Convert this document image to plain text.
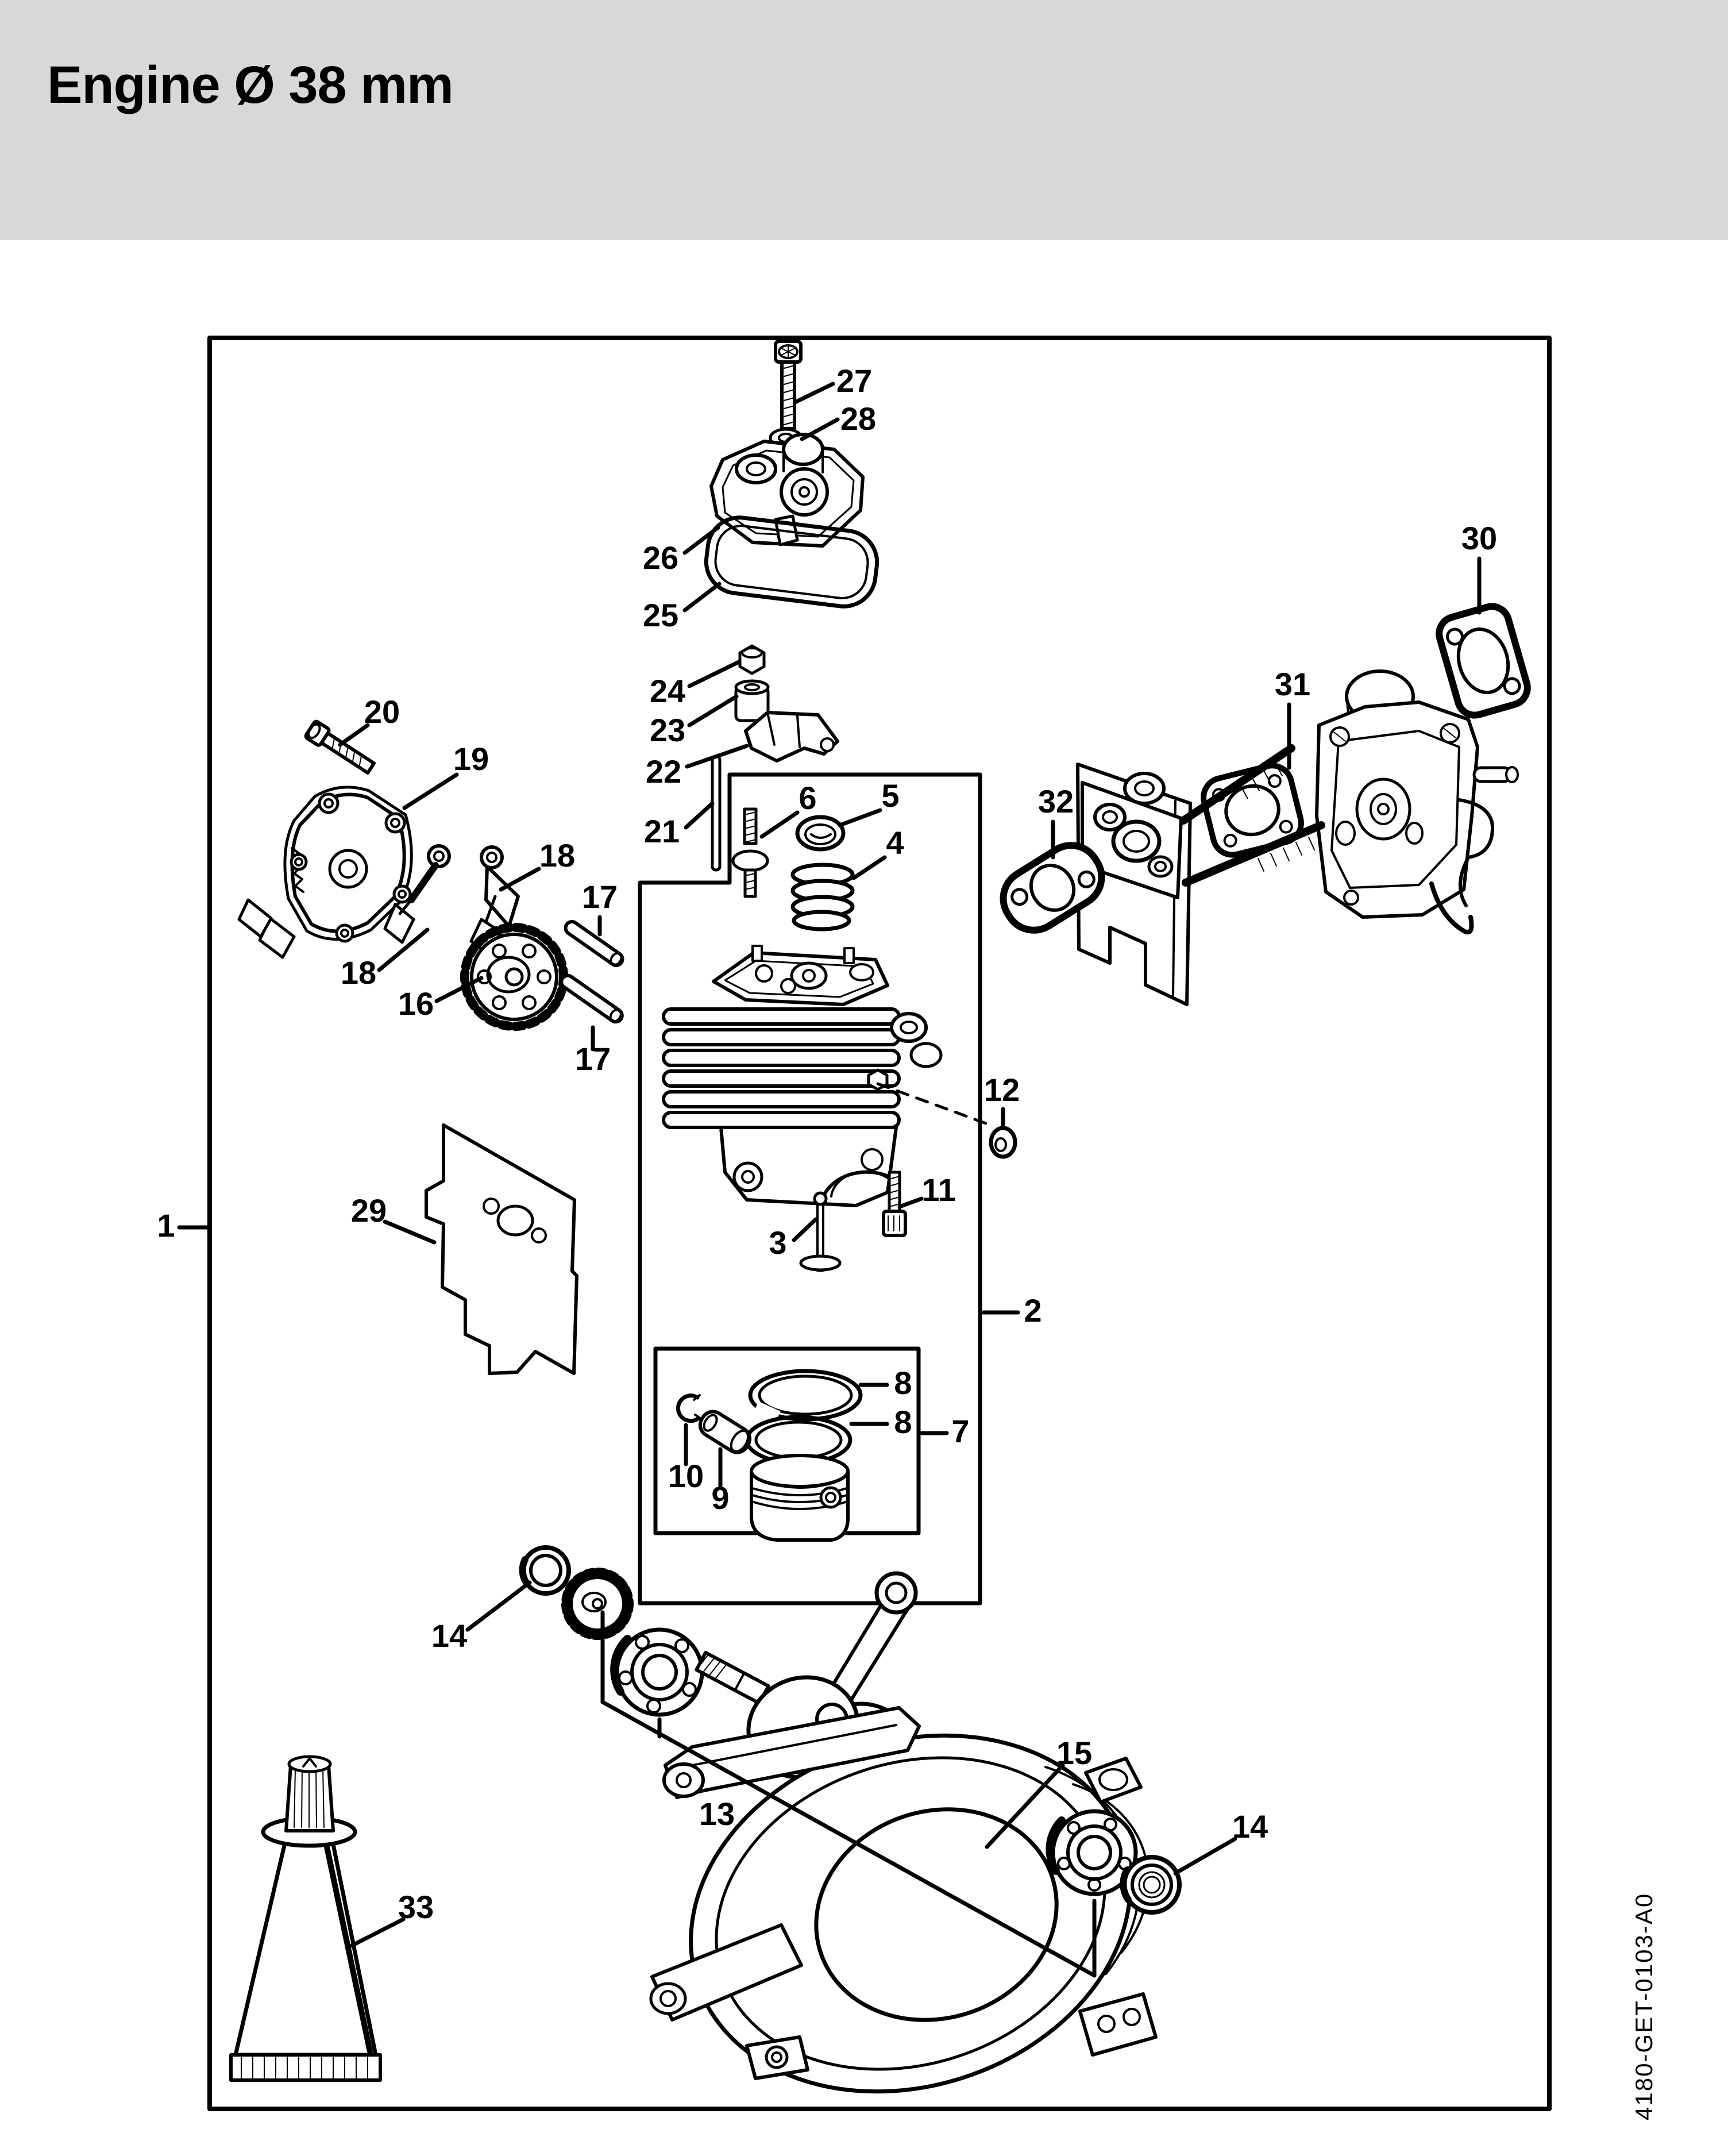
Engine Ø 38 mm
27
28
26
25
24
23
22
21
20
19
18
18
16
17
17
30
31
32
6 5
4
12
11
3
2
8
8 7
10
9
29
1
14
13
15
14
33	4180-GET-0103-A0
